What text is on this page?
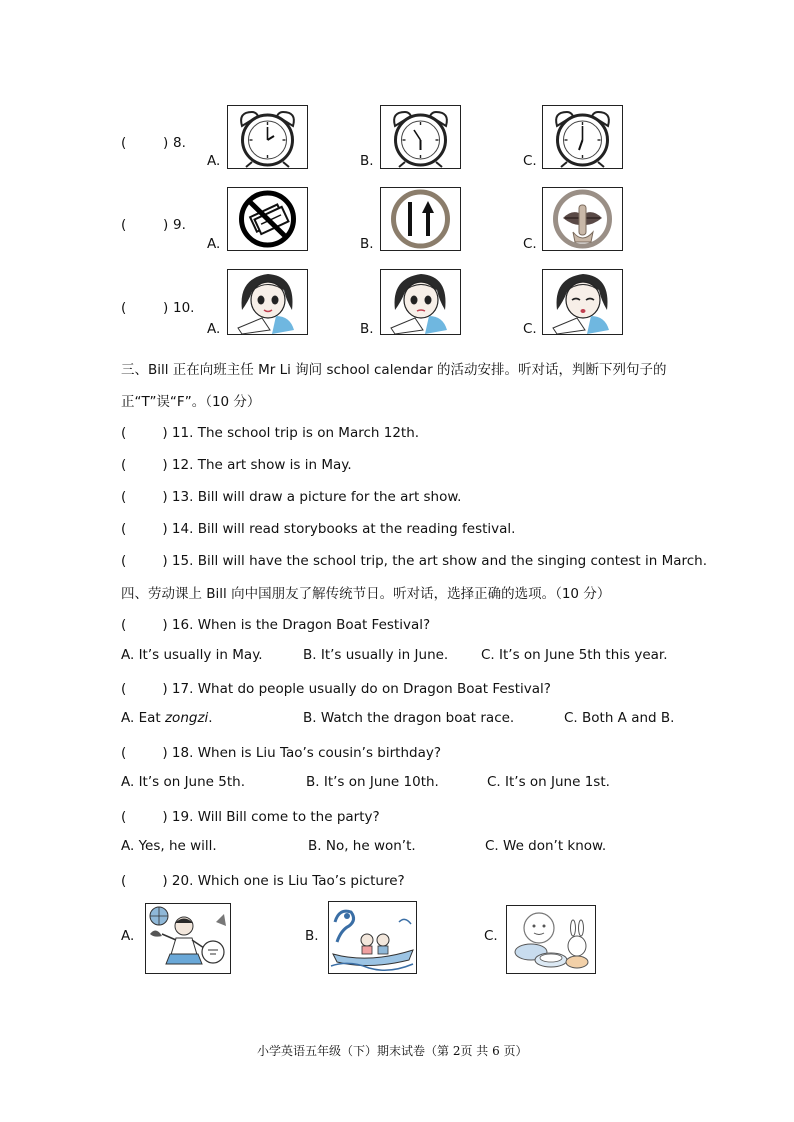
(	) 8.
A.	B.	C.
(	) 9.
A.	B.	C.
(	) 10.
A.	B.	C.
三、Bill 正在向班主任 Mr Li 询问 school calendar 的活动安排。听对话，判断下列句子的
正“T”误“F”。（10 分）
(	) 11. The school trip is on March 12th.
(	) 12. The art show is in May.
(	) 13. Bill will draw a picture for the art show.
(	) 14. Bill will read storybooks at the reading festival.
(	) 15. Bill will have the school trip, the art show and the singing contest in March.
四、劳动课上 Bill 向中国朋友了解传统节日。听对话，选择正确的选项。（10 分）
(	) 16. When is the Dragon Boat Festival?
A. It’s usually in May.	B. It’s usually in June. C. It’s on June 5th this year.
(	) 17. What do people usually do on Dragon Boat Festival?
A. Eat zongzi.	B. Watch the dragon boat race.	C. Both A and B.
(	) 18. When is Liu Tao’s cousin’s birthday?
A. It’s on June 5th.	B. It’s on June 10th.	C. It’s on June 1st.
(	) 19. Will Bill come to the party?
A. Yes, he will.	B. No, he won’t.	C. We don’t know.
(	) 20. Which one is Liu Tao’s picture?
A.	B.	C.
小学英语五年级（下）期末试卷（第 2页 共 6 页）
